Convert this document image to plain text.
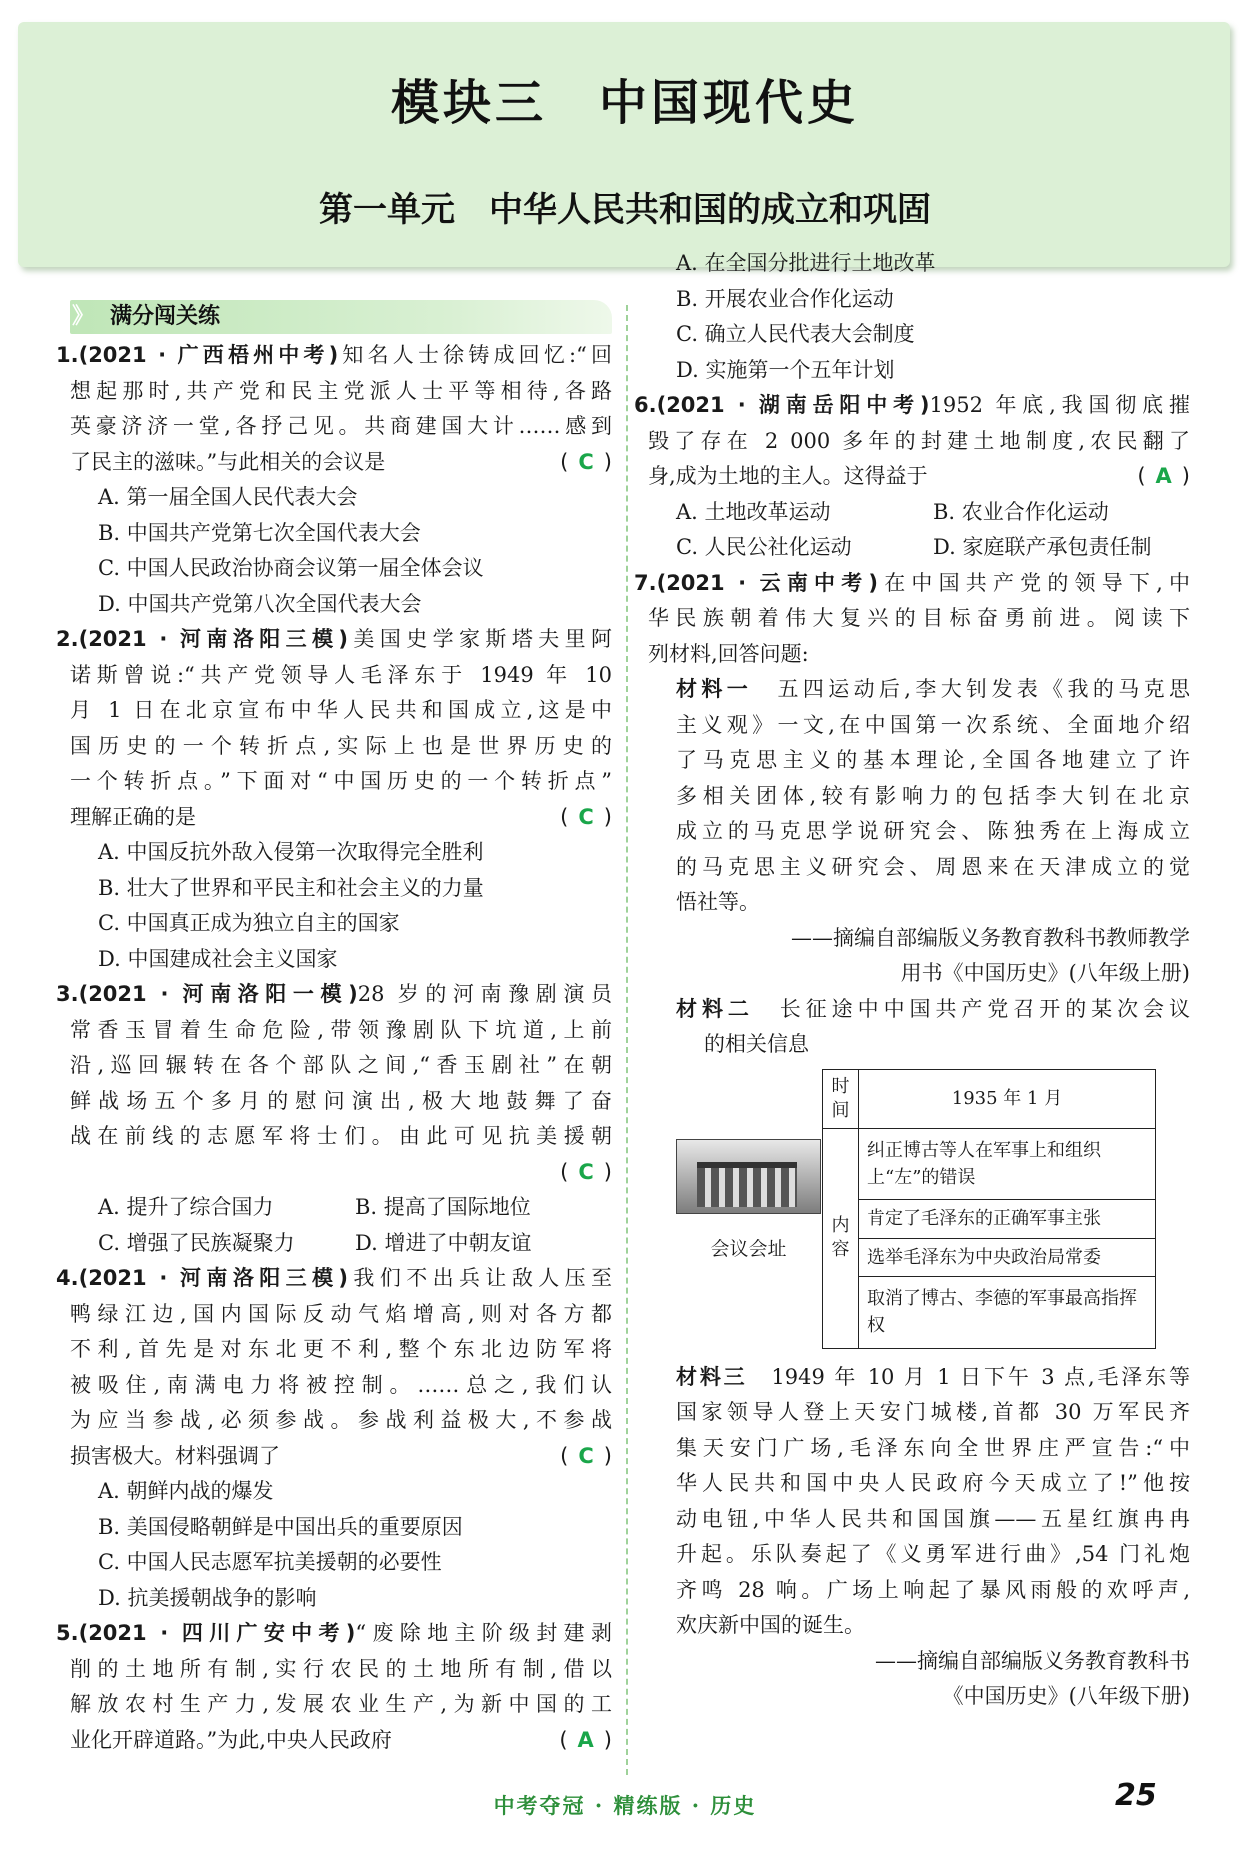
模块三　中国现代史
第一单元　中华人民共和国的成立和巩固
》 满分闯关练
1.(2021 · 广西梧州中考)知名人士徐铸成回忆:“回
想起那时,共产党和民主党派人士平等相待,各路
英豪济济一堂,各抒己见。共商建国大计……感到
了民主的滋味。”与此相关的会议是	( C )
A. 第一届全国人民代表大会
B. 中国共产党第七次全国代表大会
C. 中国人民政治协商会议第一届全体会议
D. 中国共产党第八次全国代表大会
2.(2021 · 河南洛阳三模)美国史学家斯塔夫里阿
诺斯曾说:“共产党领导人毛泽东于 1949 年 10
月 1 日在北京宣布中华人民共和国成立,这是中
国历史的一个转折点,实际上也是世界历史的
一个转折点。”下面对“中国历史的一个转折点”
理解正确的是	( C )
A. 中国反抗外敌入侵第一次取得完全胜利
B. 壮大了世界和平民主和社会主义的力量
C. 中国真正成为独立自主的国家
D. 中国建成社会主义国家
3.(2021 · 河南洛阳一模)28 岁的河南豫剧演员
常香玉冒着生命危险,带领豫剧队下坑道,上前
沿,巡回辗转在各个部队之间,“香玉剧社”在朝
鲜战场五个多月的慰问演出,极大地鼓舞了奋
战在前线的志愿军将士们。由此可见抗美援朝
( C )
A. 提升了综合国力	B. 提高了国际地位
C. 增强了民族凝聚力	D. 增进了中朝友谊
4.(2021 · 河南洛阳三模)我们不出兵让敌人压至
鸭绿江边,国内国际反动气焰增高,则对各方都
不利,首先是对东北更不利,整个东北边防军将
被吸住,南满电力将被控制。……总之,我们认
为应当参战,必须参战。参战利益极大,不参战
损害极大。材料强调了	( C )
A. 朝鲜内战的爆发
B. 美国侵略朝鲜是中国出兵的重要原因
C. 中国人民志愿军抗美援朝的必要性
D. 抗美援朝战争的影响
5.(2021 · 四川广安中考)“废除地主阶级封建剥
削的土地所有制,实行农民的土地所有制,借以
解放农村生产力,发展农业生产,为新中国的工
业化开辟道路。”为此,中央人民政府	( A )
A. 在全国分批进行土地改革
B. 开展农业合作化运动
C. 确立人民代表大会制度
D. 实施第一个五年计划
6.(2021 · 湖南岳阳中考)1952 年底,我国彻底摧
毁了存在 2 000 多年的封建土地制度,农民翻了
身,成为土地的主人。这得益于	( A )
A. 土地改革运动	B. 农业合作化运动
C. 人民公社化运动	D. 家庭联产承包责任制
7.(2021 · 云南中考)在中国共产党的领导下,中
华民族朝着伟大复兴的目标奋勇前进。阅读下
列材料,回答问题:
材料一　五四运动后,李大钊发表《我的马克思
主义观》一文,在中国第一次系统、全面地介绍
了马克思主义的基本理论,全国各地建立了许
多相关团体,较有影响力的包括李大钊在北京
成立的马克思学说研究会、陈独秀在上海成立
的马克思主义研究会、周恩来在天津成立的觉
悟社等。
——摘编自部编版义务教育教科书教师教学
用书《中国历史》(八年级上册)
材料二　长征途中中国共产党召开的某次会议
的相关信息
会议会址
时间	1935 年 1 月
内容	纠正博古等人在军事上和组织上“左”的错误
	肯定了毛泽东的正确军事主张
	选举毛泽东为中央政治局常委
	取消了博古、李德的军事最高指挥权
材料三　1949 年 10 月 1 日下午 3 点,毛泽东等
国家领导人登上天安门城楼,首都 30 万军民齐
集天安门广场,毛泽东向全世界庄严宣告:“中
华人民共和国中央人民政府今天成立了!”他按
动电钮,中华人民共和国国旗——五星红旗冉冉
升起。乐队奏起了《义勇军进行曲》,54 门礼炮
齐鸣 28 响。广场上响起了暴风雨般的欢呼声,
欢庆新中国的诞生。
——摘编自部编版义务教育教科书
《中国历史》(八年级下册)
中考夺冠 · 精练版 · 历史	25
